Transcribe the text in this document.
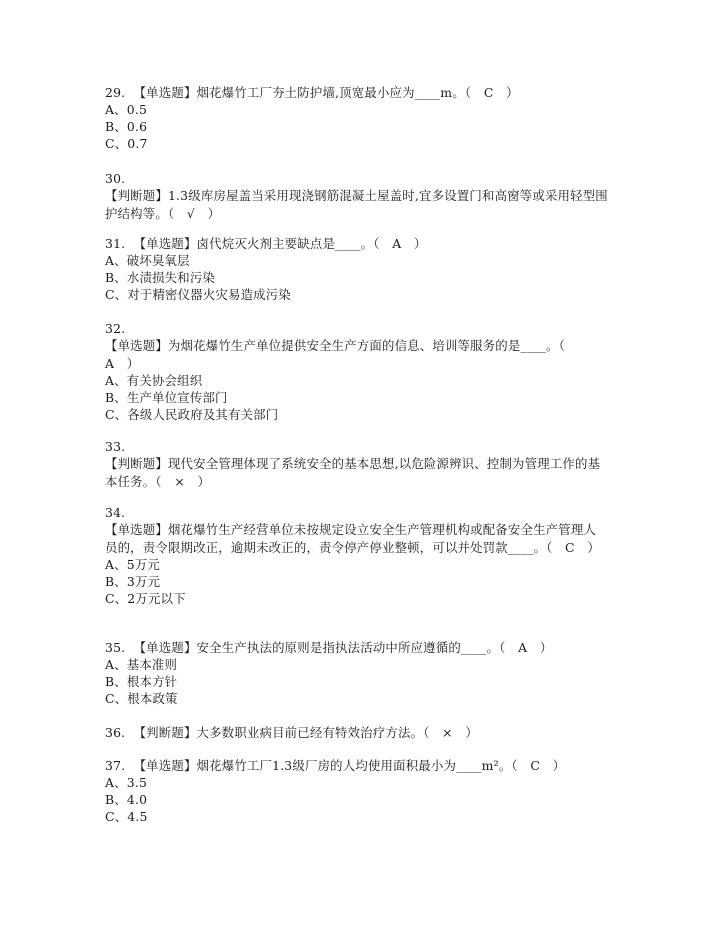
29. 【单选题】烟花爆竹工厂夯土防护墙,顶宽最小应为____m。（　C　）
A、0.5
B、0.6
C、0.7
30.
【判断题】1.3级库房屋盖当采用现浇钢筋混凝土屋盖时,宜多设置门和高窗等或采用轻型围护结构等。（　√　）
31. 【单选题】卤代烷灭火剂主要缺点是____。（　A　）
A、破坏臭氧层
B、水渍损失和污染
C、对于精密仪器火灾易造成污染
32.
【单选题】为烟花爆竹生产单位提供安全生产方面的信息、培训等服务的是____。（　A　）
A、有关协会组织
B、生产单位宣传部门
C、各级人民政府及其有关部门
33.
【判断题】现代安全管理体现了系统安全的基本思想,以危险源辨识、控制为管理工作的基本任务。（　×　）
34.
【单选题】烟花爆竹生产经营单位未按规定设立安全生产管理机构或配备安全生产管理人员的，责令限期改正，逾期未改正的，责令停产停业整顿，可以并处罚款____。（　C　）
A、5万元
B、3万元
C、2万元以下
35. 【单选题】安全生产执法的原则是指执法活动中所应遵循的____。（　A　）
A、基本准则
B、根本方针
C、根本政策
36. 【判断题】大多数职业病目前已经有特效治疗方法。（　×　）
37. 【单选题】烟花爆竹工厂1.3级厂房的人均使用面积最小为____m²。（　C　）
A、3.5
B、4.0
C、4.5
